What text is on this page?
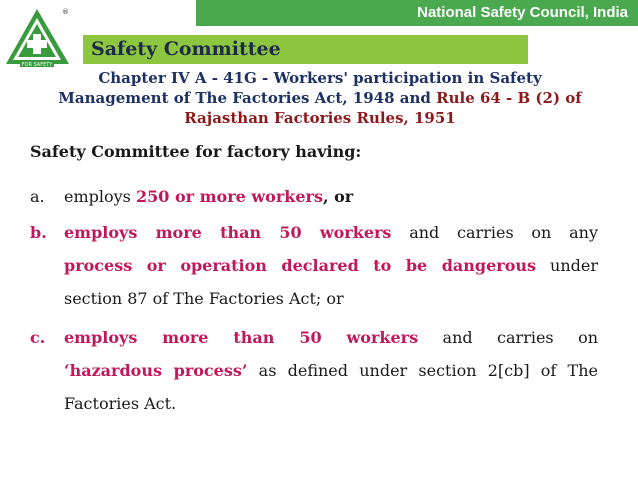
National Safety Council, India
®
FOR SAFETY
Safety Committee
Chapter IV A - 41G - Workers' participation in Safety
Management of The Factories Act, 1948 and Rule 64 - B (2) of
Rajasthan Factories Rules, 1951
Safety Committee for factory having:
a. employs 250 or more workers, or
b. employs more than 50 workers and carries on any
process or operation declared to be dangerous under
section 87 of The Factories Act; or
c. employs more than 50 workers and carries on
‘hazardous process’ as defined under section 2[cb] of The
Factories Act.
